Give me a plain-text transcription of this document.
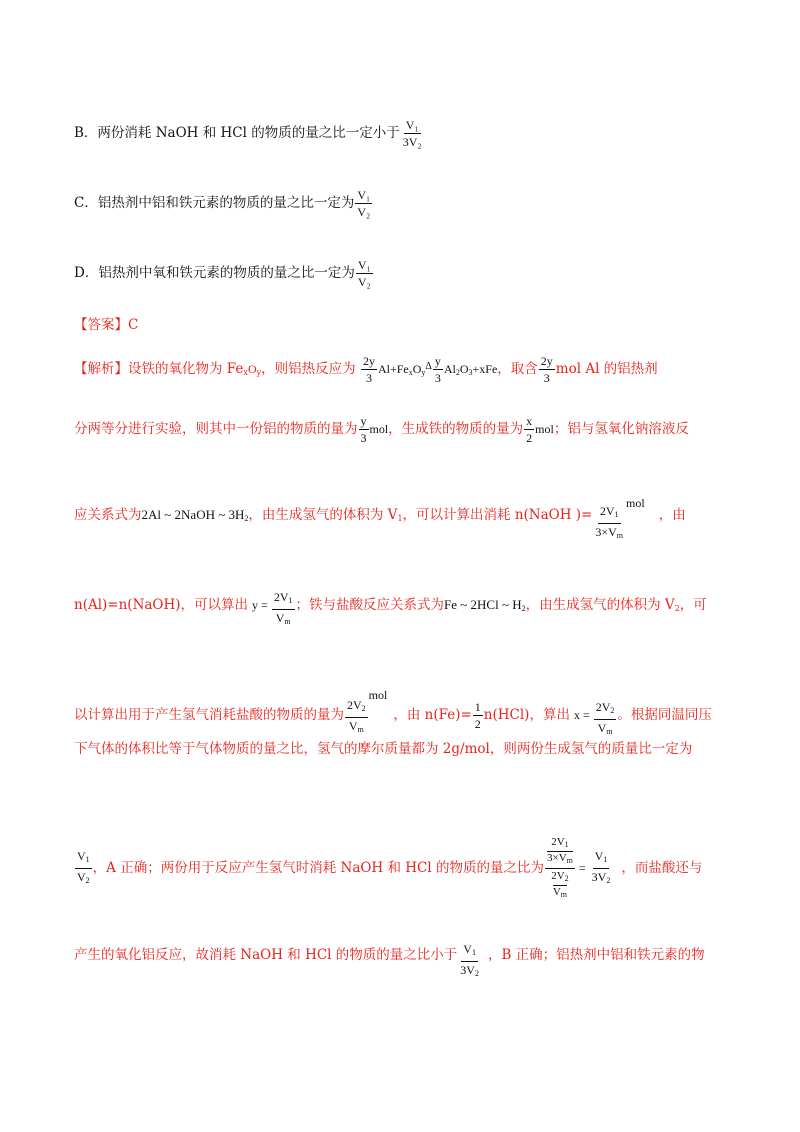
B．两份消耗 NaOH 和 HCl 的物质的量之比一定小于 $\frac{\text{V₁}}{\text{3V₂}}$
C．铝热剂中铝和铁元素的物质的量之比一定为 $\frac{\text{V₁}}{\text{V₂}}$
D．铝热剂中氧和铁元素的物质的量之比一定为 $\frac{\text{V₁}}{\text{V₂}}$
【答案】C
【解析】设铁的氧化物为 $Fe_xO_y$，则铝热反应为 $\frac{2y}{3} Al+Fe_xO_y^\Delta \frac{y}{3} Al_2O_3+xFe$，取含 $\frac{2y}{3}$ mol Al 的铝热剂
分两等分进行实验，则其中一份铝的物质的量为 $\frac{y}{3}$ mol，生成铁的物质的量为 $\frac{x}{2}$ mol；铝与氢氧化钠溶液反
应关系式为2Al ~ 2NaOH ~ $3H_2$，由生成氢气的体积为 $V_1$，可以计算出消耗 n(NaOH )= $\frac{2V_1}{3\times V_m}$
mol，由
n(Al)=n(NaOH)，可以算出 $y = \frac{2V_1}{V_m}$ ；铁与盐酸反应关系式为Fe ~ 2HCl ~ $H_2$，由生成氢气的体积为 $V_2$，可
以计算出用于产生氢气消耗盐酸的物质的量为 $\frac{2V_2}{V_m}$
mol，由 $n(Fe)= \frac{1}{2} n(HCl)$，算出 $x = \frac{2V_2}{V_m}$ 。根据同温同压
下气体的体积比等于气体物质的量之比，氢气的摩尔质量都为 2g/mol，则两份生成氢气的质量比一定为
$\frac{V_1}{V_2}$ ，A 正确；两份用于反应产生氢气时消耗 NaOH 和 HCl 的物质的量之比为 $2V_1$
$3\times V_m$
$2V_2$
$V_m = \frac{V_1}{3V_2}$ ，而盐酸还与
产生的氧化铝反应，故消耗 NaOH 和 HCl 的物质的量之比小于 $\frac{V_1}{3V_2}$ ，B 正确；铝热剂中铝和铁元素的物
